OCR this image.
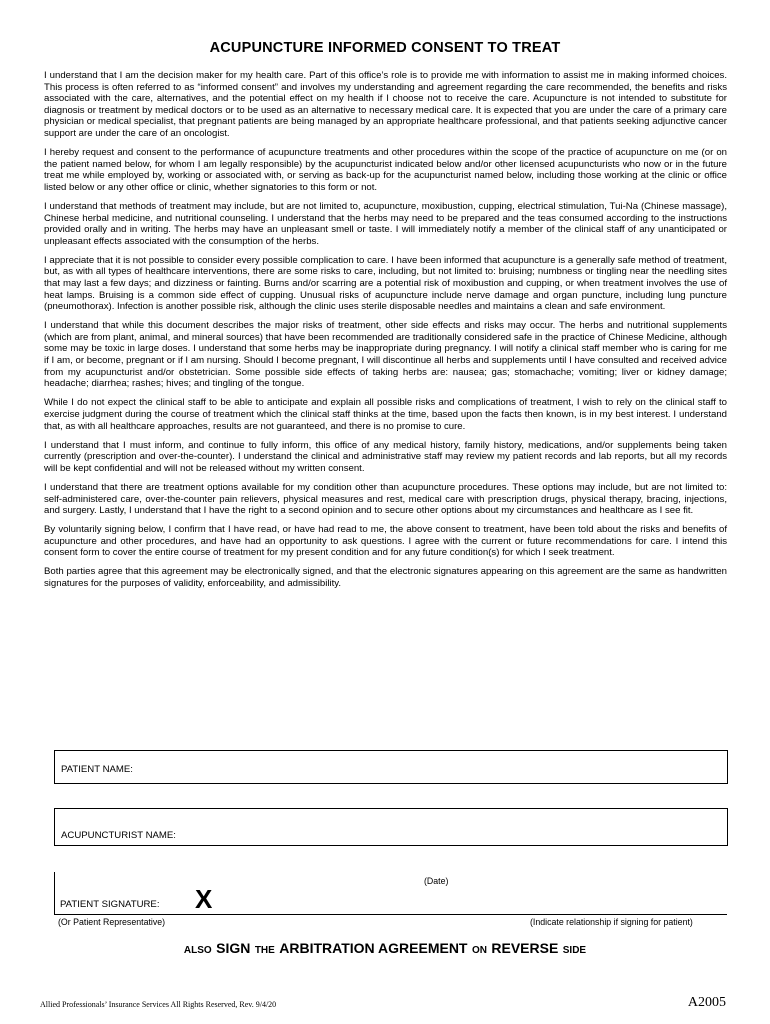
ACUPUNCTURE INFORMED CONSENT TO TREAT

I understand that I am the decision maker for my health care. Part of this office’s role is to provide me with information to assist me in making informed choices. This process is often referred to as “informed consent” and involves my understanding and agreement regarding the care recommended, the benefits and risks associated with the care, alternatives, and the potential effect on my health if I choose not to receive the care. Acupuncture is not intended to substitute for diagnosis or treatment by medical doctors or to be used as an alternative to necessary medical care. It is expected that you are under the care of a primary care physician or medical specialist, that pregnant patients are being managed by an appropriate healthcare professional, and that patients seeking adjunctive cancer support are under the care of an oncologist.

I hereby request and consent to the performance of acupuncture treatments and other procedures within the scope of the practice of acupuncture on me (or on the patient named below, for whom I am legally responsible) by the acupuncturist indicated below and/or other licensed acupuncturists who now or in the future treat me while employed by, working or associated with, or serving as back-up for the acupuncturist named below, including those working at the clinic or office listed below or any other office or clinic, whether signatories to this form or not.

I understand that methods of treatment may include, but are not limited to, acupuncture, moxibustion, cupping, electrical stimulation, Tui-Na (Chinese massage), Chinese herbal medicine, and nutritional counseling. I understand that the herbs may need to be prepared and the teas consumed according to the instructions provided orally and in writing. The herbs may have an unpleasant smell or taste. I will immediately notify a member of the clinical staff of any unanticipated or unpleasant effects associated with the consumption of the herbs.

I appreciate that it is not possible to consider every possible complication to care. I have been informed that acupuncture is a generally safe method of treatment, but, as with all types of healthcare interventions, there are some risks to care, including, but not limited to: bruising; numbness or tingling near the needling sites that may last a few days; and dizziness or fainting. Burns and/or scarring are a potential risk of moxibustion and cupping, or when treatment involves the use of heat lamps. Bruising is a common side effect of cupping. Unusual risks of acupuncture include nerve damage and organ puncture, including lung puncture (pneumothorax). Infection is another possible risk, although the clinic uses sterile disposable needles and maintains a clean and safe environment.

I understand that while this document describes the major risks of treatment, other side effects and risks may occur. The herbs and nutritional supplements (which are from plant, animal, and mineral sources) that have been recommended are traditionally considered safe in the practice of Chinese Medicine, although some may be toxic in large doses. I understand that some herbs may be inappropriate during pregnancy. I will notify a clinical staff member who is caring for me if I am, or become, pregnant or if I am nursing. Should I become pregnant, I will discontinue all herbs and supplements until I have consulted and received advice from my acupuncturist and/or obstetrician. Some possible side effects of taking herbs are: nausea; gas; stomachache; vomiting; liver or kidney damage; headache; diarrhea; rashes; hives; and tingling of the tongue.

While I do not expect the clinical staff to be able to anticipate and explain all possible risks and complications of treatment, I wish to rely on the clinical staff to exercise judgment during the course of treatment which the clinical staff thinks at the time, based upon the facts then known, is in my best interest. I understand that, as with all healthcare approaches, results are not guaranteed, and there is no promise to cure.

I understand that I must inform, and continue to fully inform, this office of any medical history, family history, medications, and/or supplements being taken currently (prescription and over-the-counter). I understand the clinical and administrative staff may review my patient records and lab reports, but all my records will be kept confidential and will not be released without my written consent.

I understand that there are treatment options available for my condition other than acupuncture procedures. These options may include, but are not limited to: self-administered care, over-the-counter pain relievers, physical measures and rest, medical care with prescription drugs, physical therapy, bracing, injections, and surgery. Lastly, I understand that I have the right to a second opinion and to secure other options about my circumstances and healthcare as I see fit.

By voluntarily signing below, I confirm that I have read, or have had read to me, the above consent to treatment, have been told about the risks and benefits of acupuncture and other procedures, and have had an opportunity to ask questions. I agree with the current or future recommendations for care. I intend this consent form to cover the entire course of treatment for my present condition and for any future condition(s) for which I seek treatment.

Both parties agree that this agreement may be electronically signed, and that the electronic signatures appearing on this agreement are the same as handwritten signatures for the purposes of validity, enforceability, and admissibility.

PATIENT NAME:
ACUPUNCTURIST NAME:
(Date)
PATIENT SIGNATURE: X
(Or Patient Representative)	(Indicate relationship if signing for patient)
ALSO SIGN THE ARBITRATION AGREEMENT ON REVERSE SIDE
Allied Professionals’ Insurance Services All Rights Reserved, Rev. 9/4/20	A2005
